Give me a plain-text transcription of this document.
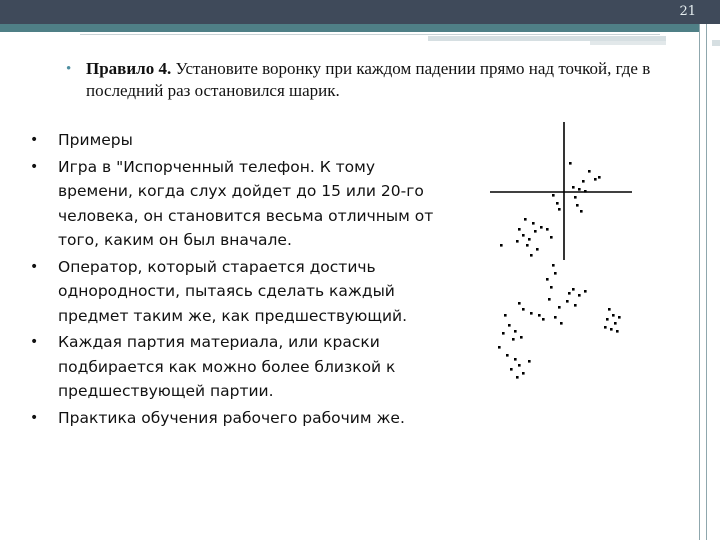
21
• Правило 4. Установите воронку при каждом падении прямо над точкой, где в последний раз остановился шарик.
• Примеры
• Игра в "Испорченный телефон. К тому времени, когда слух дойдет до 15 или 20-го человека, он становится весьма отличным от того, каким он был вначале.
• Оператор, который старается достичь однородности, пытаясь сделать каждый предмет таким же, как предшествующий.
• Каждая партия материала, или краски подбирается как можно более близкой к предшествующей партии.
• Практика обучения рабочего рабочим же.
